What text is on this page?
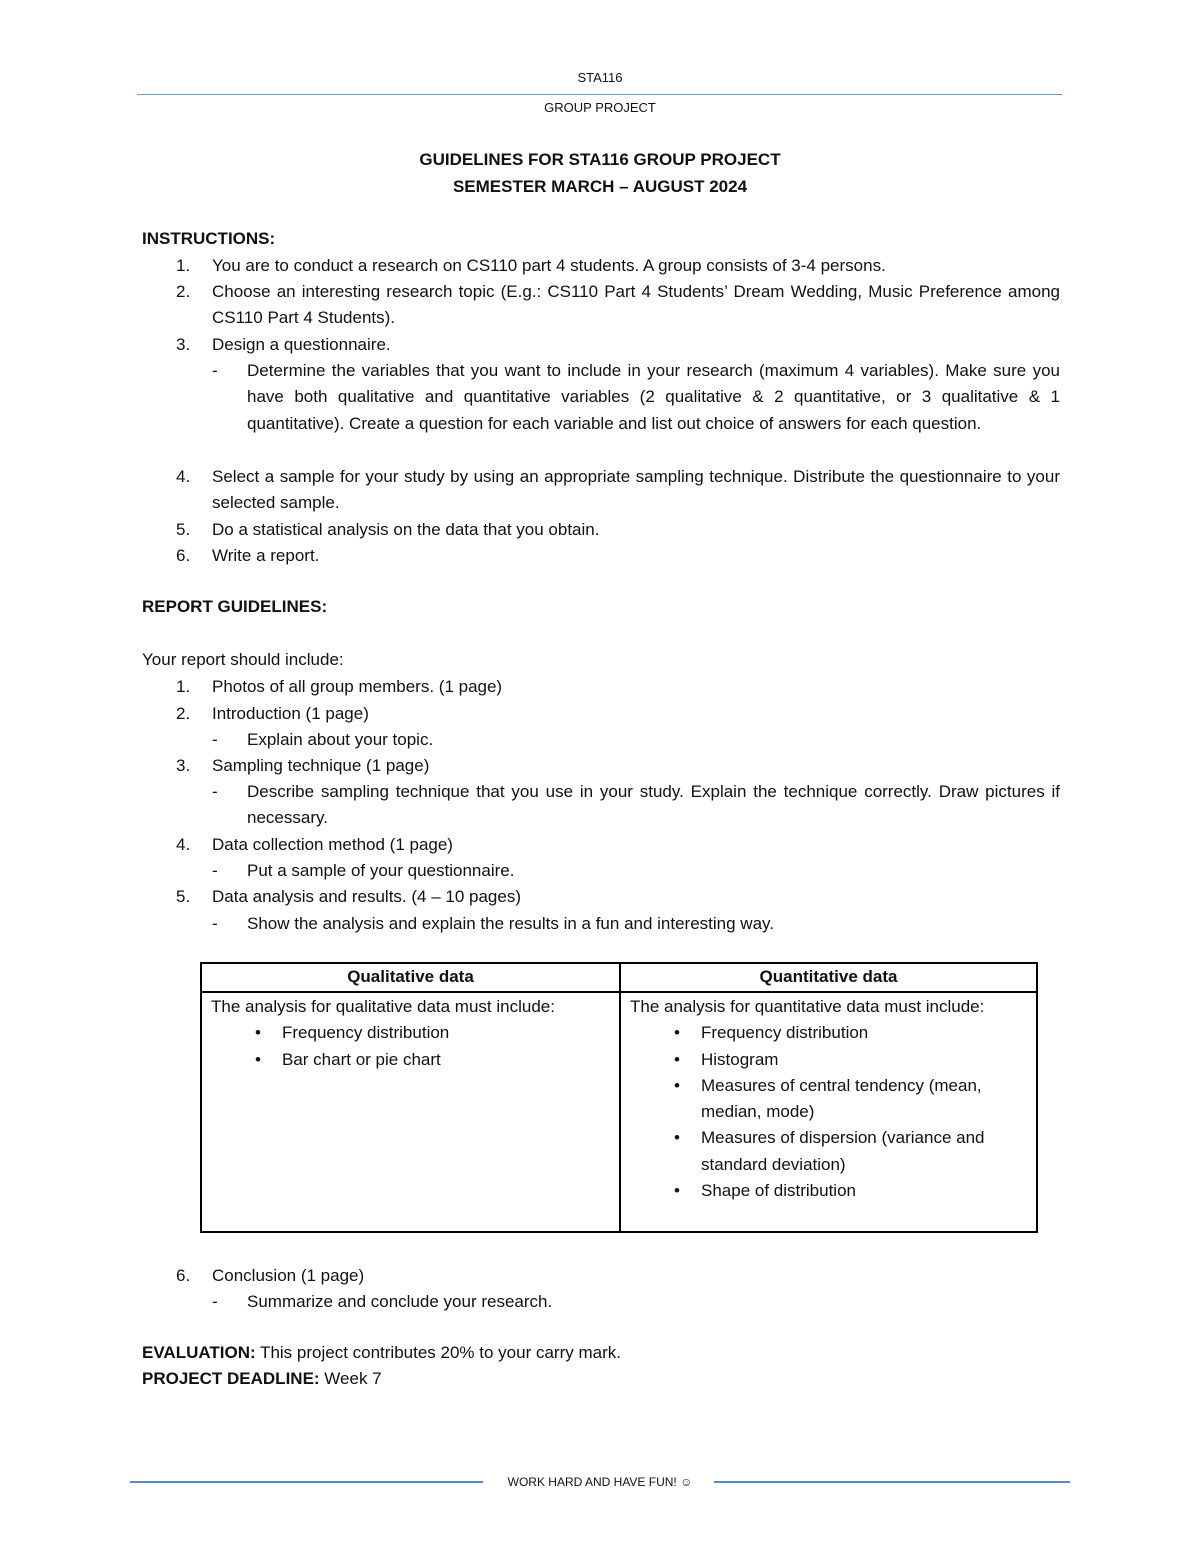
STA116
GROUP PROJECT
GUIDELINES FOR STA116 GROUP PROJECT
SEMESTER MARCH – AUGUST 2024
INSTRUCTIONS:
1. You are to conduct a research on CS110 part 4 students. A group consists of 3-4 persons.
2. Choose an interesting research topic (E.g.: CS110 Part 4 Students’ Dream Wedding, Music Preference among CS110 Part 4 Students).
3. Design a questionnaire.
- Determine the variables that you want to include in your research (maximum 4 variables). Make sure you have both qualitative and quantitative variables (2 qualitative & 2 quantitative, or 3 qualitative & 1 quantitative). Create a question for each variable and list out choice of answers for each question.
4. Select a sample for your study by using an appropriate sampling technique. Distribute the questionnaire to your selected sample.
5. Do a statistical analysis on the data that you obtain.
6. Write a report.
REPORT GUIDELINES:
Your report should include:
1. Photos of all group members. (1 page)
2. Introduction (1 page)
- Explain about your topic.
3. Sampling technique (1 page)
- Describe sampling technique that you use in your study. Explain the technique correctly. Draw pictures if necessary.
4. Data collection method (1 page)
- Put a sample of your questionnaire.
5. Data analysis and results. (4 – 10 pages)
- Show the analysis and explain the results in a fun and interesting way.
Qualitative data
The analysis for qualitative data must include:
• Frequency distribution
• Bar chart or pie chart
Quantitative data
The analysis for quantitative data must include:
• Frequency distribution
• Histogram
• Measures of central tendency (mean, median, mode)
• Measures of dispersion (variance and standard deviation)
• Shape of distribution
6. Conclusion (1 page)
- Summarize and conclude your research.
EVALUATION: This project contributes 20% to your carry mark.
PROJECT DEADLINE: Week 7
WORK HARD AND HAVE FUN! ☺
